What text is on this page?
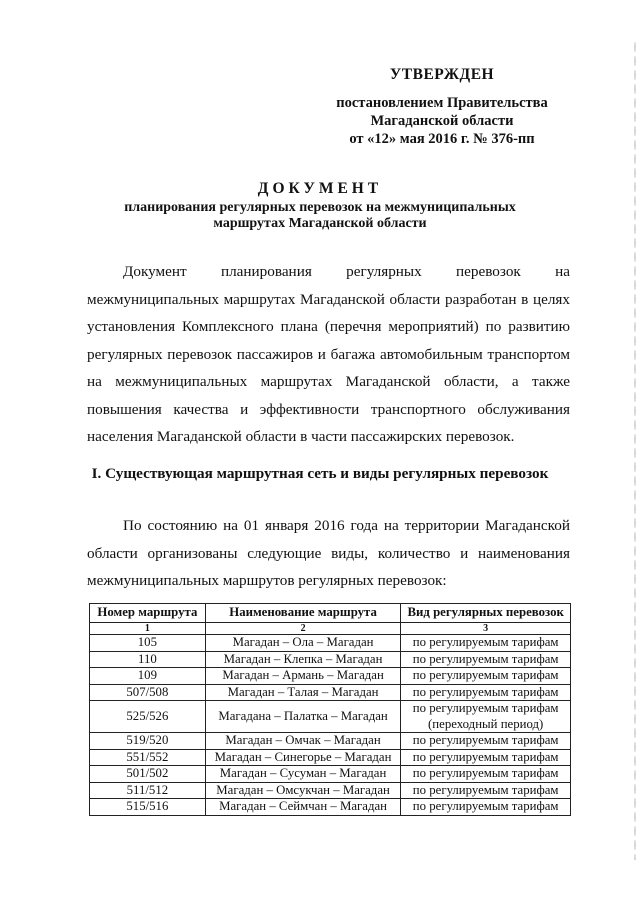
УТВЕРЖДЕН
постановлением Правительства
Магаданской области
от «12» мая 2016 г. № 376-пп
ДОКУМЕНТ
планирования регулярных перевозок на межмуниципальных маршрутах Магаданской области

Документ планирования регулярных перевозок на межмуниципальных маршрутах Магаданской области разработан в целях установления Комплексного плана (перечня мероприятий) по развитию регулярных перевозок пассажиров и багажа автомобильным транспортом на межмуниципальных маршрутах Магаданской области, а также повышения качества и эффективности транспортного обслуживания населения Магаданской области в части пассажирских перевозок.

I. Существующая маршрутная сеть и виды регулярных перевозок

По состоянию на 01 января 2016 года на территории Магаданской области организованы следующие виды, количество и наименования межмуниципальных маршрутов регулярных перевозок:

Номер маршрута	Наименование маршрута	Вид регулярных перевозок
1	2	3
105	Магадан – Ола – Магадан	по регулируемым тарифам
110	Магадан – Клепка – Магадан	по регулируемым тарифам
109	Магадан – Армань – Магадан	по регулируемым тарифам
507/508	Магадан – Талая – Магадан	по регулируемым тарифам
525/526	Магадана – Палатка – Магадан	по регулируемым тарифам (переходный период)
519/520	Магадан – Омчак – Магадан	по регулируемым тарифам
551/552	Магадан – Синегорье – Магадан	по регулируемым тарифам
501/502	Магадан – Сусуман – Магадан	по регулируемым тарифам
511/512	Магадан – Омсукчан – Магадан	по регулируемым тарифам
515/516	Магадан – Сеймчан – Магадан	по регулируемым тарифам
